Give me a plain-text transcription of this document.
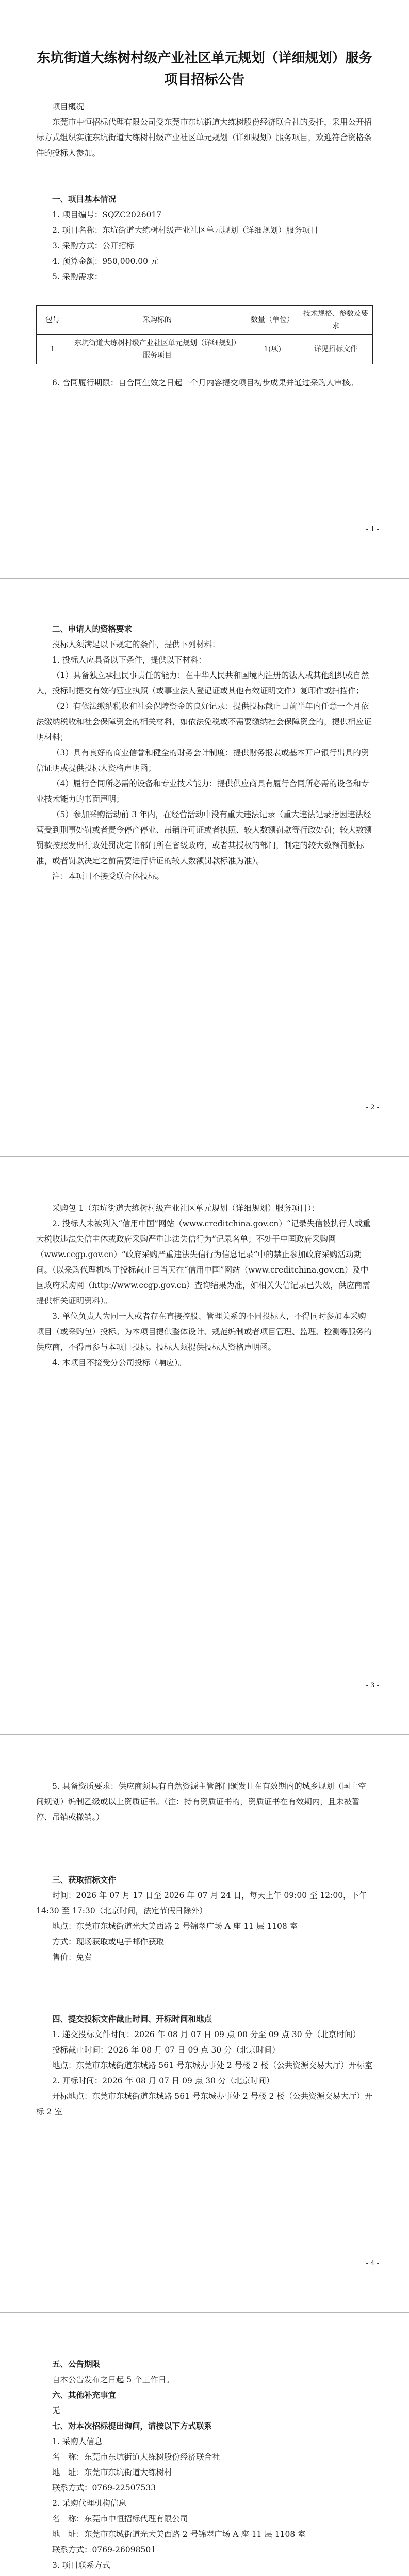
东坑街道大练树村级产业社区单元规划（详细规划）服务项目招标公告

项目概况

东莞市中恒招标代理有限公司受东莞市东坑街道大练树股份经济联合社的委托，采用公开招标方式组织实施东坑街道大练树村级产业社区单元规划（详细规划）服务项目，欢迎符合资格条件的投标人参加。

一、项目基本情况

1. 项目编号：SQZC2026017

2. 项目名称：东坑街道大练树村级产业社区单元规划（详细规划）服务项目

3. 采购方式：公开招标

4. 预算金额：950,000.00 元

5. 采购需求：

包号	采购标的	数量（单位）	技术规格、参数及要求
1	东坑街道大练树村级产业社区单元规划（详细规划）服务项目	1(项)	详见招标文件

6. 合同履行期限：自合同生效之日起一个月内容提交项目初步成果并通过采购人审核。

- 1 -

二、申请人的资格要求

投标人须满足以下规定的条件，提供下列材料：

1. 投标人应具备以下条件，提供以下材料：

（1）具备独立承担民事责任的能力：在中华人民共和国境内注册的法人或其他组织或自然人，投标时提交有效的营业执照（或事业法人登记证或其他有效证明文件）复印件或扫描件；

（2）有依法缴纳税收和社会保障资金的良好记录：提供投标截止日前半年内任意一个月依法缴纳税收和社会保障资金的相关材料，如依法免税或不需要缴纳社会保障资金的，提供相应证明材料；

（3）具有良好的商业信誉和健全的财务会计制度：提供财务报表或基本开户银行出具的资信证明或提供投标人资格声明函；

（4）履行合同所必需的设备和专业技术能力：提供供应商具有履行合同所必需的设备和专业技术能力的书面声明；

（5）参加采购活动前 3 年内，在经营活动中没有重大违法记录（重大违法记录指因违法经营受到刑事处罚或者责令停产停业、吊销许可证或者执照、较大数额罚款等行政处罚；较大数额罚款按照发出行政处罚决定书部门所在省级政府，或者其授权的部门，制定的较大数额罚款标准，或者罚款决定之前需要进行听证的较大数额罚款标准为准）。

注：本项目不接受联合体投标。

- 2 -

采购包 1（东坑街道大练树村级产业社区单元规划（详细规划）服务项目）：

2. 投标人未被列入“信用中国”网站（www.creditchina.gov.cn）“记录失信被执行人或重大税收违法失信主体或政府采购严重违法失信行为”记录名单；不处于中国政府采购网（www.ccgp.gov.cn）“政府采购严重违法失信行为信息记录”中的禁止参加政府采购活动期间。（以采购代理机构于投标截止日当天在“信用中国”网站（www.creditchina.gov.cn）及中国政府采购网（http://www.ccgp.gov.cn）查询结果为准，如相关失信记录已失效，供应商需提供相关证明资料）。

3. 单位负责人为同一人或者存在直接控股、管理关系的不同投标人，不得同时参加本采购项目（或采购包）投标。为本项目提供整体设计、规范编制或者项目管理、监理、检测等服务的供应商，不得再参与本项目投标。投标人须提供投标人资格声明函。

4. 本项目不接受分公司投标（响应）。

- 3 -

5. 具备资质要求：供应商须具有自然资源主管部门颁发且在有效期内的城乡规划（国土空间规划）编制乙级或以上资质证书。（注：持有资质证书的，资质证书在有效期内，且未被暂停、吊销或撤销。）

三、获取招标文件

时间：2026 年 07 月 17 日至 2026 年 07 月 24 日，每天上午 09:00 至 12:00，下午 14:30 至 17:30（北京时间，法定节假日除外）

地点：东莞市东城街道光大美西路 2 号锦翠广场 A 座 11 层 1108 室

方式：现场获取或电子邮件获取

售价：免费

四、提交投标文件截止时间、开标时间和地点

1. 递交投标文件时间：2026 年 08 月 07 日 09 点 00 分至 09 点 30 分（北京时间）

投标截止时间：2026 年 08 月 07 日 09 点 30 分（北京时间）

地点：东莞市东城街道东城路 561 号东城办事处 2 号楼 2 楼（公共资源交易大厅）开标室

2. 开标时间：2026 年 08 月 07 日 09 点 30 分（北京时间）

开标地点：东莞市东城街道东城路 561 号东城办事处 2 号楼 2 楼（公共资源交易大厅）开标 2 室

- 4 -

五、公告期限

自本公告发布之日起 5 个工作日。

六、其他补充事宜

无

七、对本次招标提出询问，请按以下方式联系

1. 采购人信息

名　称：东莞市东坑街道大练树股份经济联合社

地　址：东莞市东坑街道大练树村

联系方式：0769-22507533

2. 采购代理机构信息

名　称：东莞市中恒招标代理有限公司

地　址：东莞市东城街道光大美西路 2 号锦翠广场 A 座 11 层 1108 室

联系方式：0769-26098501

3. 项目联系方式
